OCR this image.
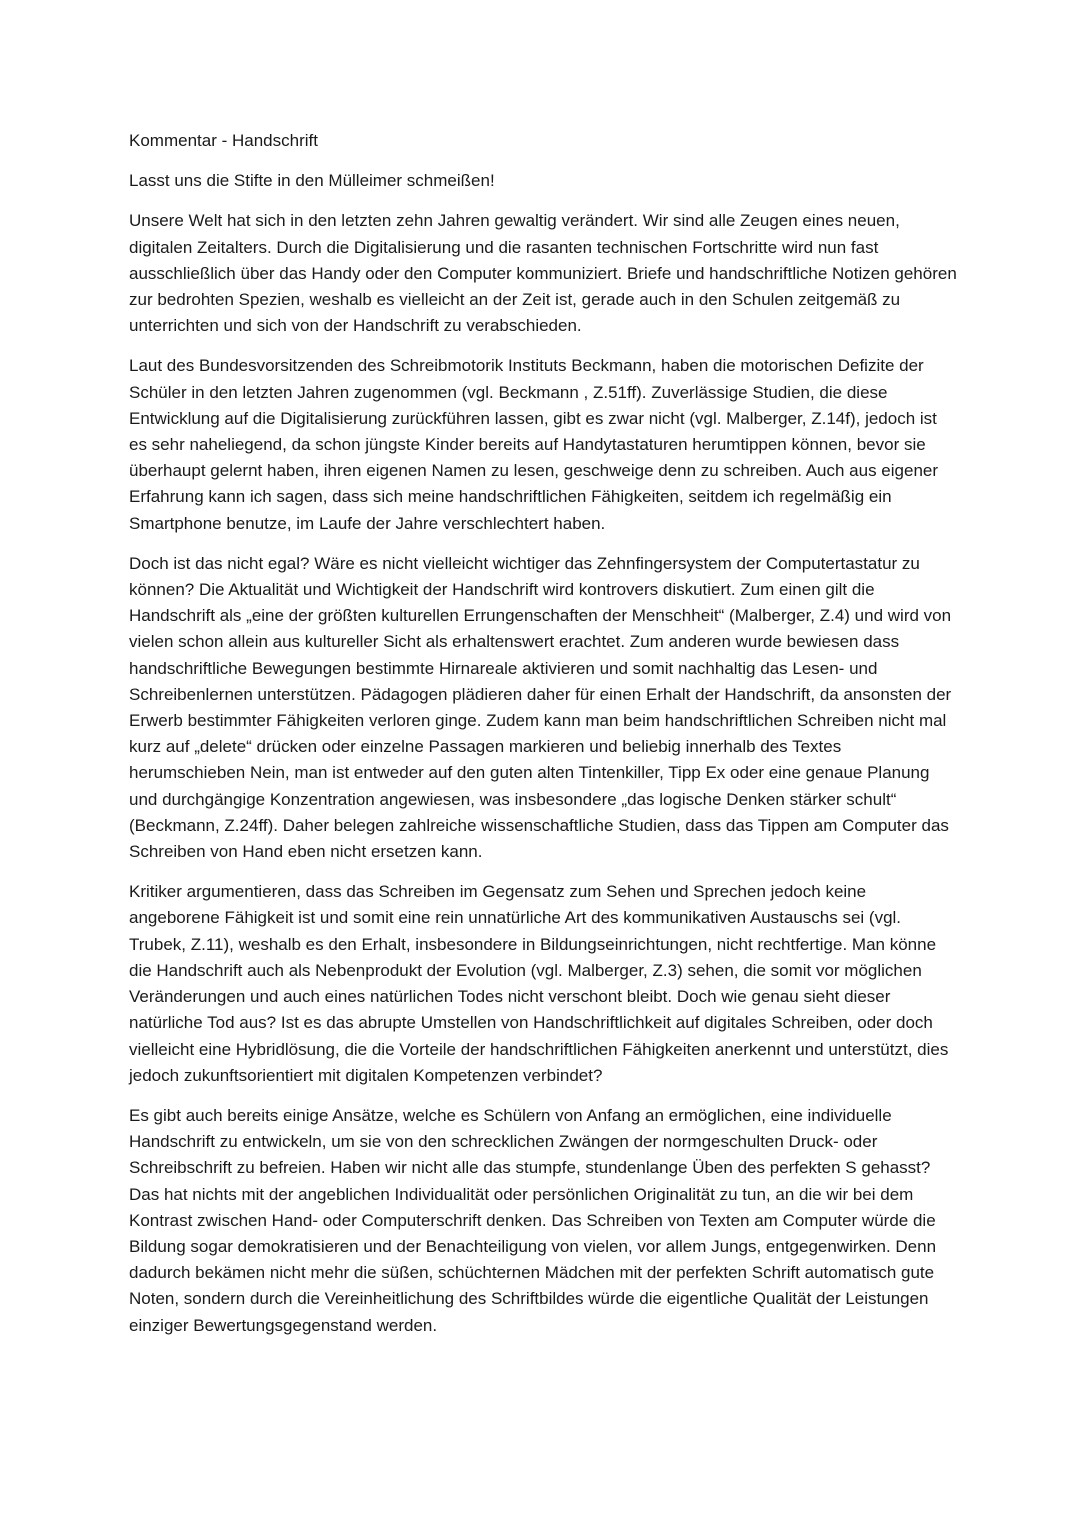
Kommentar - Handschrift

Lasst uns die Stifte in den Mülleimer schmeißen!

Unsere Welt hat sich in den letzten zehn Jahren gewaltig verändert. Wir sind alle Zeugen eines neuen, digitalen Zeitalters. Durch die Digitalisierung und die rasanten technischen Fortschritte wird nun fast ausschließlich über das Handy oder den Computer kommuniziert. Briefe und handschriftliche Notizen gehören zur bedrohten Spezien, weshalb es vielleicht an der Zeit ist, gerade auch in den Schulen zeitgemäß zu unterrichten und sich von der Handschrift zu verabschieden.

Laut des Bundesvorsitzenden des Schreibmotorik Instituts Beckmann, haben die motorischen Defizite der Schüler in den letzten Jahren zugenommen (vgl. Beckmann , Z.51ff). Zuverlässige Studien, die diese Entwicklung auf die Digitalisierung zurückführen lassen, gibt es zwar nicht (vgl. Malberger, Z.14f), jedoch ist es sehr naheliegend, da schon jüngste Kinder bereits auf Handytastaturen herumtippen können, bevor sie überhaupt gelernt haben, ihren eigenen Namen zu lesen, geschweige denn zu schreiben. Auch aus eigener Erfahrung kann ich sagen, dass sich meine handschriftlichen Fähigkeiten, seitdem ich regelmäßig ein Smartphone benutze, im Laufe der Jahre verschlechtert haben.

Doch ist das nicht egal? Wäre es nicht vielleicht wichtiger das Zehnfingersystem der Computertastatur zu können? Die Aktualität und Wichtigkeit der Handschrift wird kontrovers diskutiert. Zum einen gilt die Handschrift als „eine der größten kulturellen Errungenschaften der Menschheit“ (Malberger, Z.4) und wird von vielen schon allein aus kultureller Sicht als erhaltenswert erachtet. Zum anderen wurde bewiesen dass handschriftliche Bewegungen bestimmte Hirnareale aktivieren und somit nachhaltig das Lesen- und Schreibenlernen unterstützen. Pädagogen plädieren daher für einen Erhalt der Handschrift, da ansonsten der Erwerb bestimmter Fähigkeiten verloren ginge. Zudem kann man beim handschriftlichen Schreiben nicht mal kurz auf „delete“ drücken oder einzelne Passagen markieren und beliebig innerhalb des Textes herumschieben Nein, man ist entweder auf den guten alten Tintenkiller, Tipp Ex oder eine genaue Planung und durchgängige Konzentration angewiesen, was insbesondere „das logische Denken stärker schult“ (Beckmann, Z.24ff). Daher belegen zahlreiche wissenschaftliche Studien, dass das Tippen am Computer das Schreiben von Hand eben nicht ersetzen kann.

Kritiker argumentieren, dass das Schreiben im Gegensatz zum Sehen und Sprechen jedoch keine angeborene Fähigkeit ist und somit eine rein unnatürliche Art des kommunikativen Austauschs sei (vgl. Trubek, Z.11), weshalb es den Erhalt, insbesondere in Bildungseinrichtungen, nicht rechtfertige. Man könne die Handschrift auch als Nebenprodukt der Evolution (vgl. Malberger, Z.3) sehen, die somit vor möglichen Veränderungen und auch eines natürlichen Todes nicht verschont bleibt. Doch wie genau sieht dieser natürliche Tod aus? Ist es das abrupte Umstellen von Handschriftlichkeit auf digitales Schreiben, oder doch vielleicht eine Hybridlösung, die die Vorteile der handschriftlichen Fähigkeiten anerkennt und unterstützt, dies jedoch zukunftsorientiert mit digitalen Kompetenzen verbindet?

Es gibt auch bereits einige Ansätze, welche es Schülern von Anfang an ermöglichen, eine individuelle Handschrift zu entwickeln, um sie von den schrecklichen Zwängen der normgeschulten Druck- oder Schreibschrift zu befreien. Haben wir nicht alle das stumpfe, stundenlange Üben des perfekten S gehasst? Das hat nichts mit der angeblichen Individualität oder persönlichen Originalität zu tun, an die wir bei dem Kontrast zwischen Hand- oder Computerschrift denken. Das Schreiben von Texten am Computer würde die Bildung sogar demokratisieren und der Benachteiligung von vielen, vor allem Jungs, entgegenwirken. Denn dadurch bekämen nicht mehr die süßen, schüchternen Mädchen mit der perfekten Schrift automatisch gute Noten, sondern durch die Vereinheitlichung des Schriftbildes würde die eigentliche Qualität der Leistungen einziger Bewertungsgegenstand werden.
